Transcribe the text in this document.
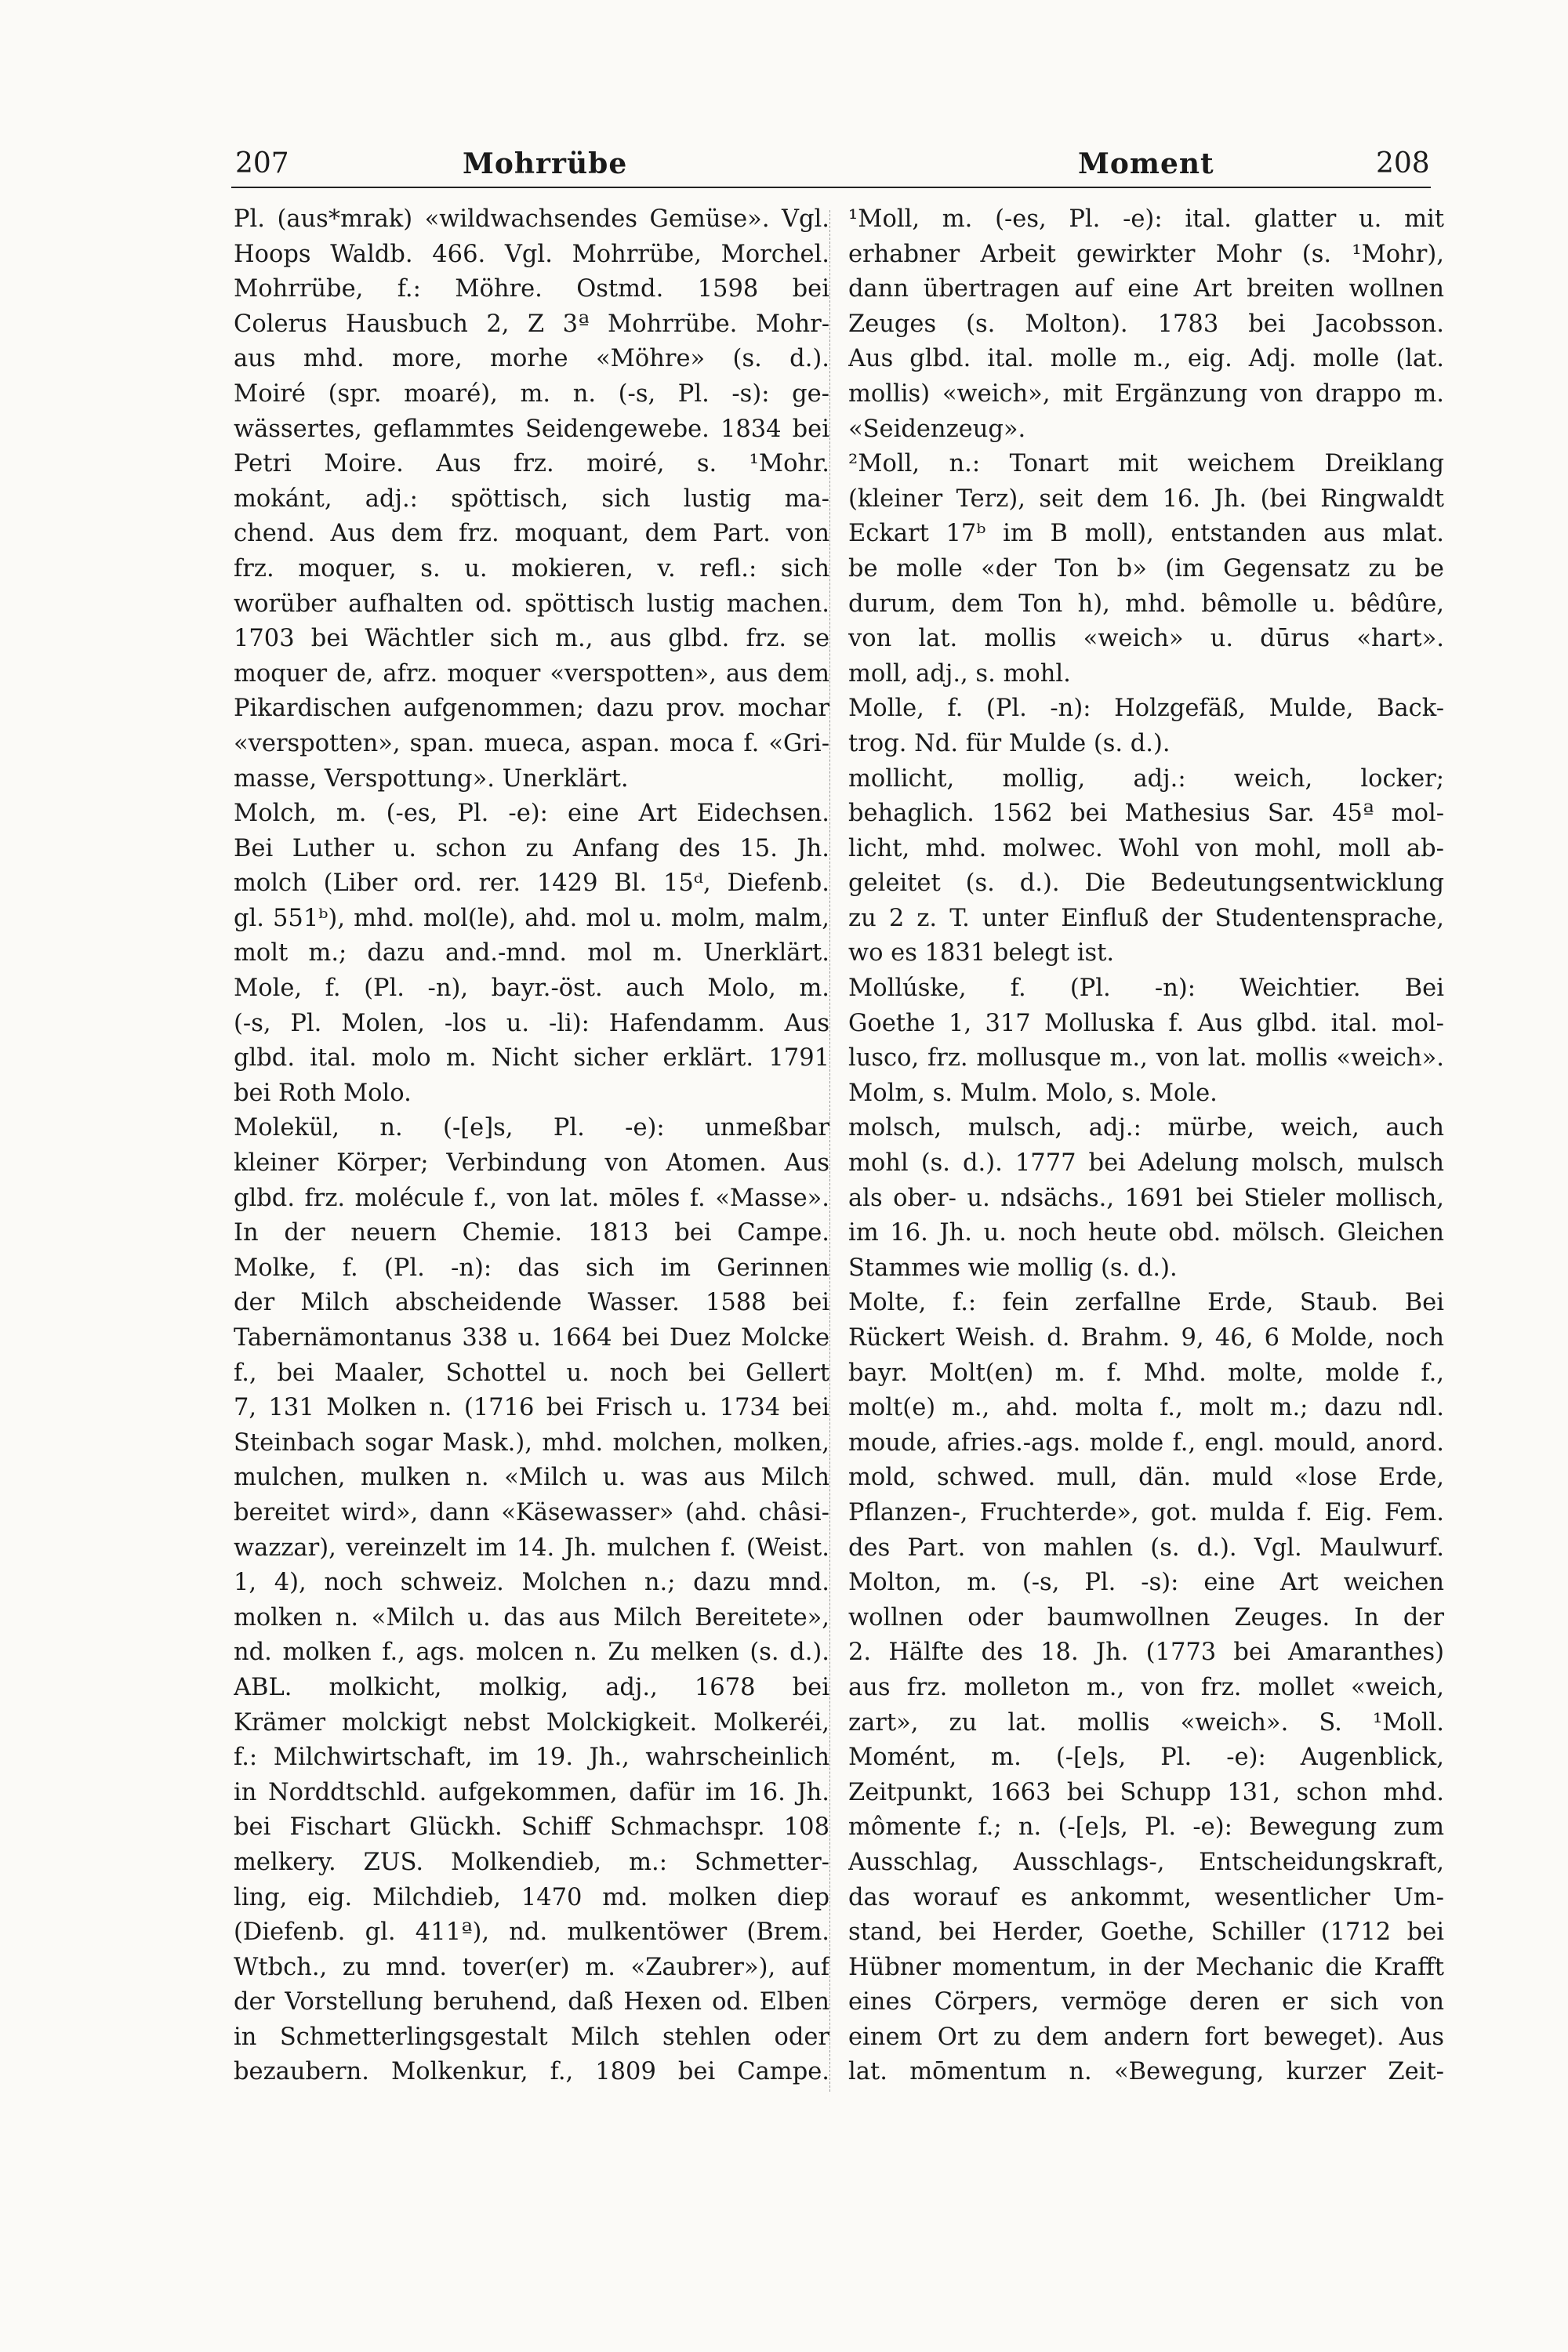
207	Mohrrübe	Moment	208
Pl. (aus*mrak) «wildwachsendes Gemüse». Vgl.
Hoops Waldb. 466. Vgl. Mohrrübe, Morchel.
Mohrrübe, f.: Möhre. Ostmd. 1598 bei
Colerus Hausbuch 2, Z 3ª Mohrrübe. Mohr-
aus mhd. more, morhe «Möhre» (s. d.).
Moiré (spr. moaré), m. n. (-s, Pl. -s): ge-
wässertes, geflammtes Seidengewebe. 1834 bei
Petri Moire. Aus frz. moiré, s. ¹Mohr.
mokánt, adj.: spöttisch, sich lustig ma-
chend. Aus dem frz. moquant, dem Part. von
frz. moquer, s. u. mokieren, v. refl.: sich
worüber aufhalten od. spöttisch lustig machen.
1703 bei Wächtler sich m., aus glbd. frz. se
moquer de, afrz. moquer «verspotten», aus dem
Pikardischen aufgenommen; dazu prov. mochar
«verspotten», span. mueca, aspan. moca f. «Gri-
masse, Verspottung». Unerklärt.
Molch, m. (-es, Pl. -e): eine Art Eidechsen.
Bei Luther u. schon zu Anfang des 15. Jh.
molch (Liber ord. rer. 1429 Bl. 15ᵈ, Diefenb.
gl. 551ᵇ), mhd. mol(le), ahd. mol u. molm, malm,
molt m.; dazu and.-mnd. mol m. Unerklärt.
Mole, f. (Pl. -n), bayr.-öst. auch Molo, m.
(-s, Pl. Molen, -los u. -li): Hafendamm. Aus
glbd. ital. molo m. Nicht sicher erklärt. 1791
bei Roth Molo.
Molekül, n. (-[e]s, Pl. -e): unmeßbar
kleiner Körper; Verbindung von Atomen. Aus
glbd. frz. molécule f., von lat. mōles f. «Masse».
In der neuern Chemie. 1813 bei Campe.
Molke, f. (Pl. -n): das sich im Gerinnen
der Milch abscheidende Wasser. 1588 bei
Tabernämontanus 338 u. 1664 bei Duez Molcke
f., bei Maaler, Schottel u. noch bei Gellert
7, 131 Molken n. (1716 bei Frisch u. 1734 bei
Steinbach sogar Mask.), mhd. molchen, molken,
mulchen, mulken n. «Milch u. was aus Milch
bereitet wird», dann «Käsewasser» (ahd. châsi-
wazzar), vereinzelt im 14. Jh. mulchen f. (Weist.
1, 4), noch schweiz. Molchen n.; dazu mnd.
molken n. «Milch u. das aus Milch Bereitete»,
nd. molken f., ags. molcen n. Zu melken (s. d.).
ABL. molkicht, molkig, adj., 1678 bei
Krämer molckigt nebst Molckigkeit. Molkeréi,
f.: Milchwirtschaft, im 19. Jh., wahrscheinlich
in Norddtschld. aufgekommen, dafür im 16. Jh.
bei Fischart Glückh. Schiff Schmachspr. 108
melkery. ZUS. Molkendieb, m.: Schmetter-
ling, eig. Milchdieb, 1470 md. molken diep
(Diefenb. gl. 411ª), nd. mulkentöwer (Brem.
Wtbch., zu mnd. tover(er) m. «Zaubrer»), auf
der Vorstellung beruhend, daß Hexen od. Elben
in Schmetterlingsgestalt Milch stehlen oder
bezaubern. Molkenkur, f., 1809 bei Campe.
¹Moll, m. (-es, Pl. -e): ital. glatter u. mit
erhabner Arbeit gewirkter Mohr (s. ¹Mohr),
dann übertragen auf eine Art breiten wollnen
Zeuges (s. Molton). 1783 bei Jacobsson.
Aus glbd. ital. molle m., eig. Adj. molle (lat.
mollis) «weich», mit Ergänzung von drappo m.
«Seidenzeug».
²Moll, n.: Tonart mit weichem Dreiklang
(kleiner Terz), seit dem 16. Jh. (bei Ringwaldt
Eckart 17ᵇ im B moll), entstanden aus mlat.
be molle «der Ton b» (im Gegensatz zu be
durum, dem Ton h), mhd. bêmolle u. bêdûre,
von lat. mollis «weich» u. dūrus «hart».
moll, adj., s. mohl.
Molle, f. (Pl. -n): Holzgefäß, Mulde, Back-
trog. Nd. für Mulde (s. d.).
mollicht, mollig, adj.: weich, locker;
behaglich. 1562 bei Mathesius Sar. 45ª mol-
licht, mhd. molwec. Wohl von mohl, moll ab-
geleitet (s. d.). Die Bedeutungsentwicklung
zu 2 z. T. unter Einfluß der Studentensprache,
wo es 1831 belegt ist.
Mollúske, f. (Pl. -n): Weichtier. Bei
Goethe 1, 317 Molluska f. Aus glbd. ital. mol-
lusco, frz. mollusque m., von lat. mollis «weich».
Molm, s. Mulm. Molo, s. Mole.
molsch, mulsch, adj.: mürbe, weich, auch
mohl (s. d.). 1777 bei Adelung molsch, mulsch
als ober- u. ndsächs., 1691 bei Stieler mollisch,
im 16. Jh. u. noch heute obd. mölsch. Gleichen
Stammes wie mollig (s. d.).
Molte, f.: fein zerfallne Erde, Staub. Bei
Rückert Weish. d. Brahm. 9, 46, 6 Molde, noch
bayr. Molt(en) m. f. Mhd. molte, molde f.,
molt(e) m., ahd. molta f., molt m.; dazu ndl.
moude, afries.-ags. molde f., engl. mould, anord.
mold, schwed. mull, dän. muld «lose Erde,
Pflanzen-, Fruchterde», got. mulda f. Eig. Fem.
des Part. von mahlen (s. d.). Vgl. Maulwurf.
Molton, m. (-s, Pl. -s): eine Art weichen
wollnen oder baumwollnen Zeuges. In der
2. Hälfte des 18. Jh. (1773 bei Amaranthes)
aus frz. molleton m., von frz. mollet «weich,
zart», zu lat. mollis «weich». S. ¹Moll.
Momént, m. (-[e]s, Pl. -e): Augenblick,
Zeitpunkt, 1663 bei Schupp 131, schon mhd.
mômente f.; n. (-[e]s, Pl. -e): Bewegung zum
Ausschlag, Ausschlags-, Entscheidungskraft,
das worauf es ankommt, wesentlicher Um-
stand, bei Herder, Goethe, Schiller (1712 bei
Hübner momentum, in der Mechanic die Krafft
eines Cörpers, vermöge deren er sich von
einem Ort zu dem andern fort beweget). Aus
lat. mōmentum n. «Bewegung, kurzer Zeit-
